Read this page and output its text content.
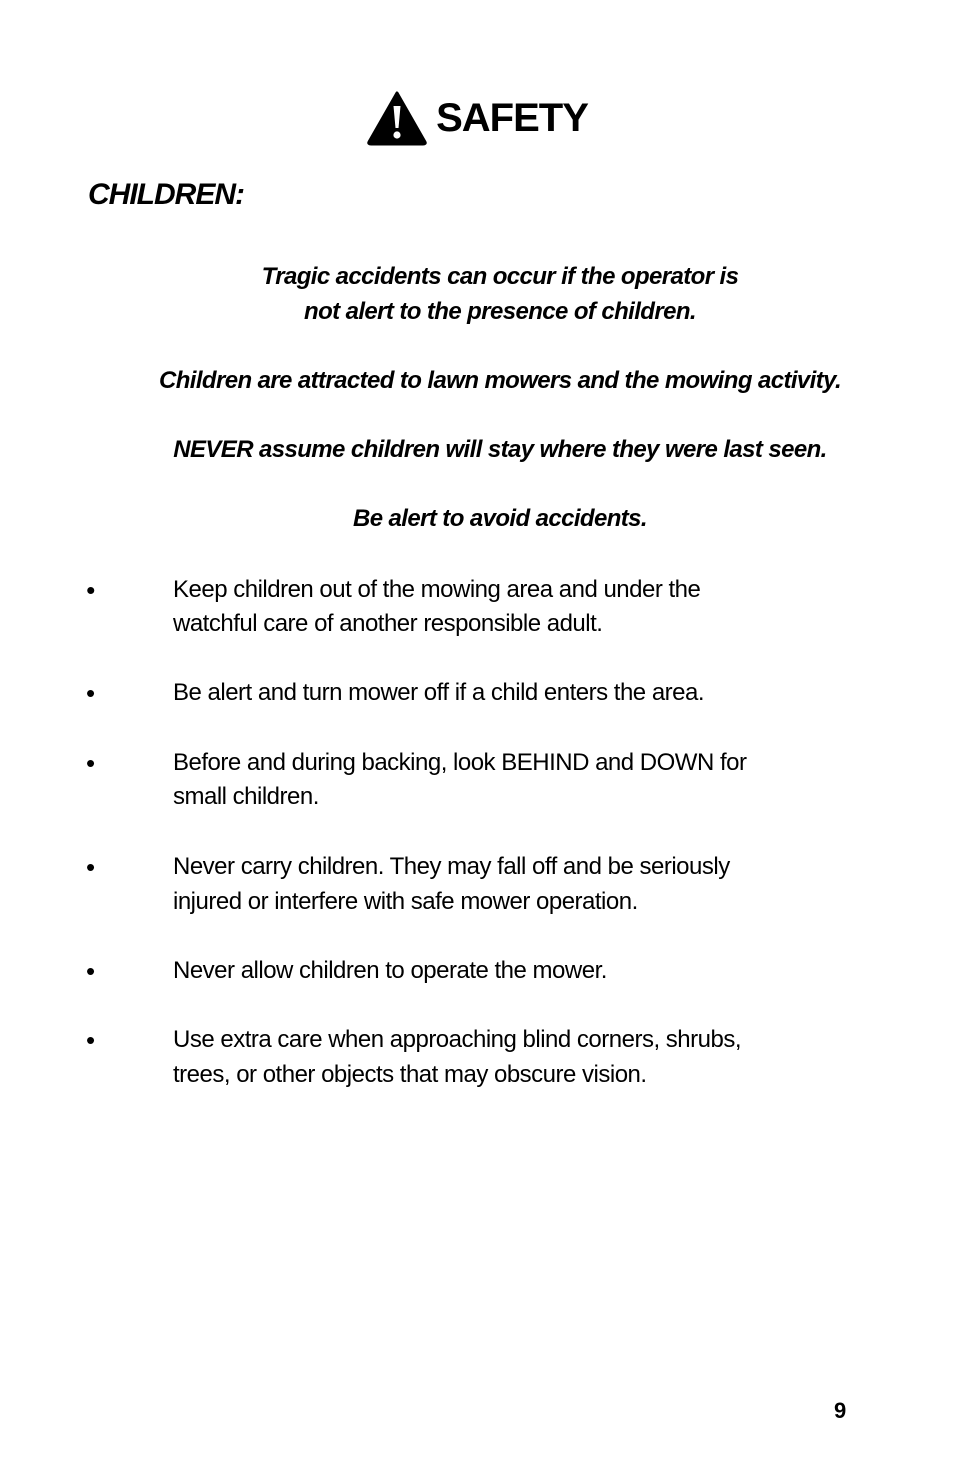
SAFETY
CHILDREN:
Tragic accidents can occur if the operator is
not alert to the presence of children.
Children are attracted to lawn mowers and the mowing activity.
NEVER assume children will stay where they were last seen.
Be alert to avoid accidents.
•	Keep children out of the mowing area and under the
watchful care of another responsible adult.
•	Be alert and turn mower off if a child enters the area.
•	Before and during backing, look BEHIND and DOWN for
small children.
•	Never carry children. They may fall off and be seriously
injured or interfere with safe mower operation.
•	Never allow children to operate the mower.
•	Use extra care when approaching blind corners, shrubs,
trees, or other objects that may obscure vision.
9
